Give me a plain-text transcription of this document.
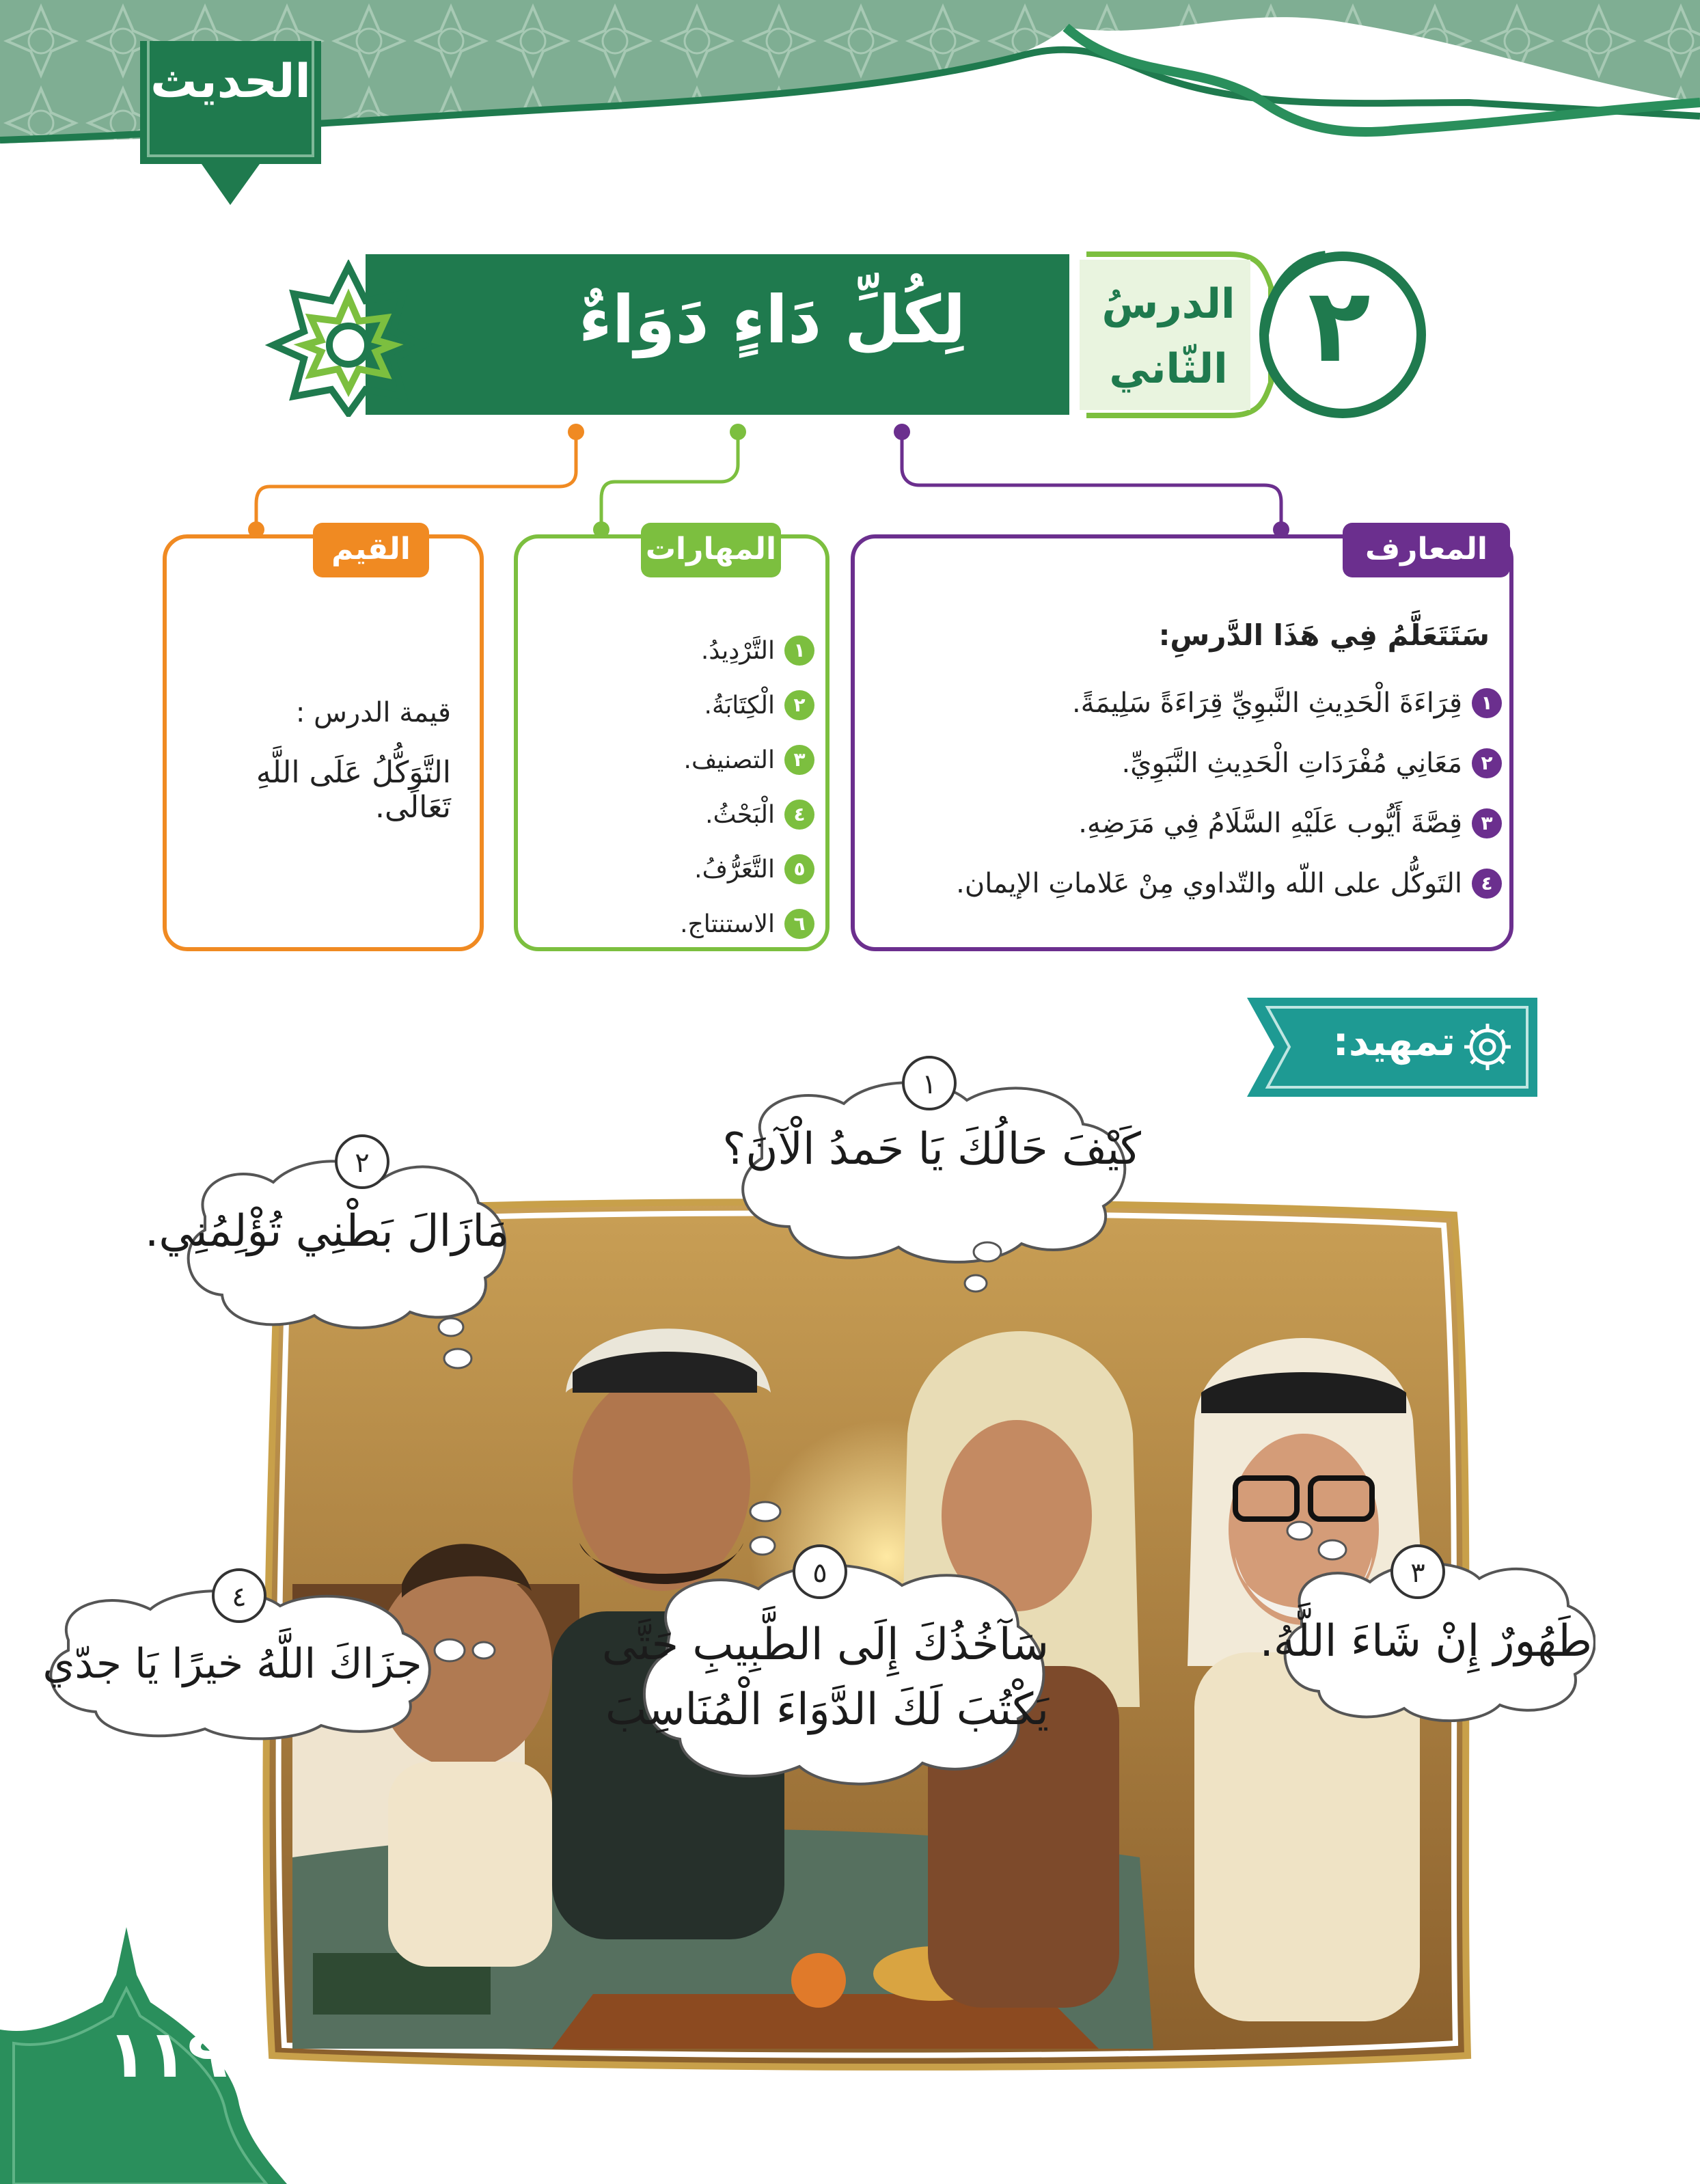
الحديث
لِكُلِّ دَاءٍ دَوَاءٌ	الدرسُ
الثّاني ٢
المعارف
سَتَتَعَلَّمُ فِي هَذَا الدَّرسِ:
١
قِرَاءَةَ الْحَدِيثِ النَّبوِيِّ قِرَاءَةً سَلِيمَةً.
٢
مَعَانِي مُفْرَدَاتِ الْحَدِيثِ النَّبَوِيِّ.
٣
قِصَّةَ أَيُّوب عَلَيْهِ السَّلَامُ فِي مَرَضِهِ.
٤
التَوكُّل على اللّه والتّداوي مِنْ عَلاماتِ الإيمان.
المهارات
١
التَّرْدِيدُ.
٢
الْكِتَابَةُ.
٣
التصنيف.
٤
الْبَحْثُ.
٥
التَّعَرُّفُ.
٦
الاستنتاج.
القيم
قيمة الدرس :
التَّوَكُّلُ عَلَى اللَّهِ تَعَالَى.
تمهيد:
١
كَيْفَ حَالُكَ يَا حَمدُ الْآنَ؟
٢
مَازَالَ بَطْنِي تُؤْلِمُنِي.
٣
طَهُورٌ إِنْ شَاءَ اللَّهُ.
٤
جزَاكَ اللَّهُ خيرًا يَا جدّي
٥
سَآخُذُكَ إِلَى الطَّبِيبِ حَتَّى
يَكْتُبَ لَكَ الدَّوَاءَ الْمُنَاسِبَ
١١٩
